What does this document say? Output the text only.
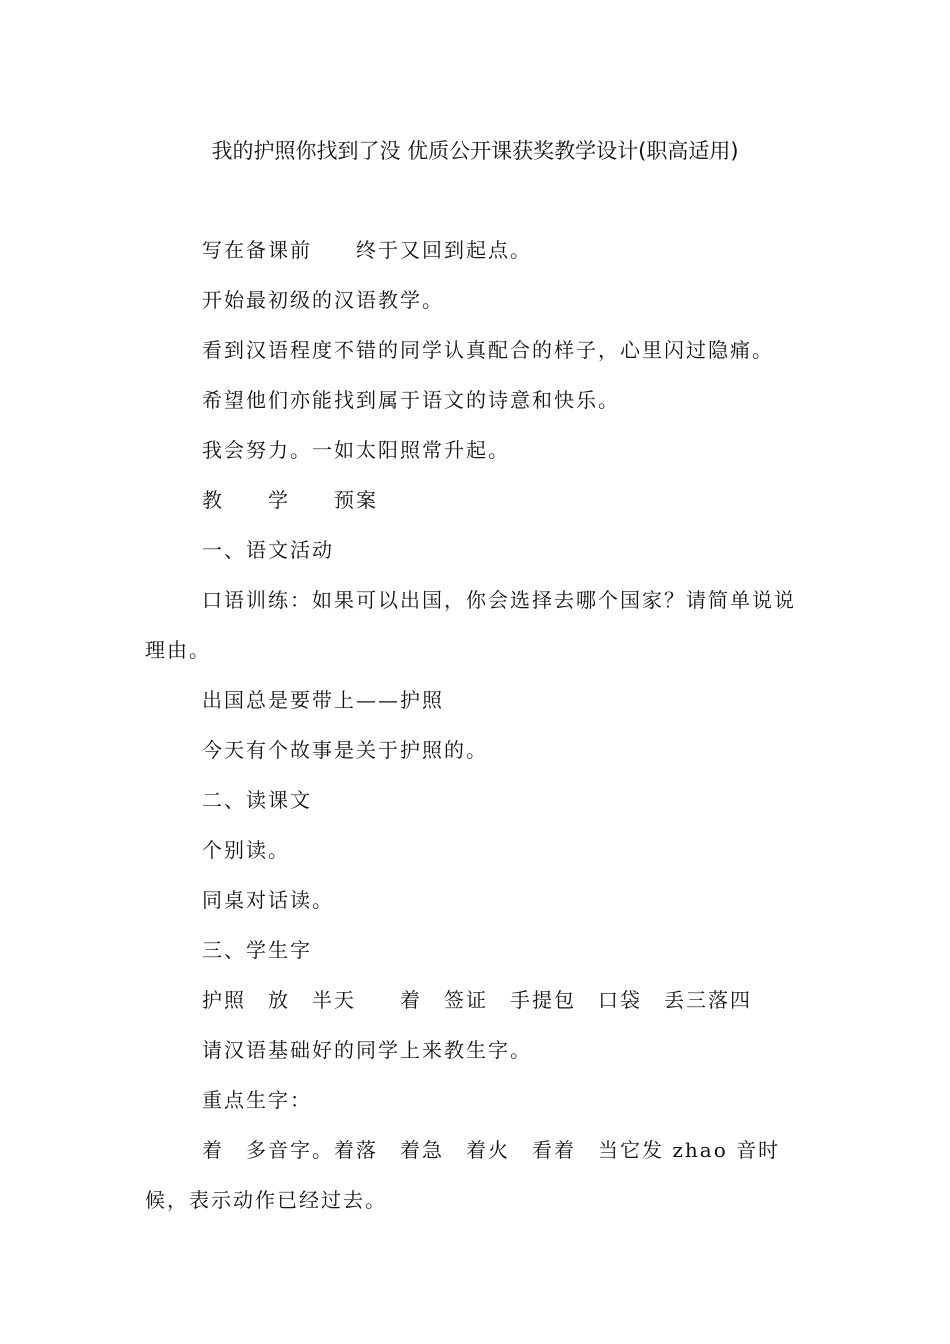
我的护照你找到了没 优质公开课获奖教学设计(职高适用)
写在备课前　　终于又回到起点。
开始最初级的汉语教学。
看到汉语程度不错的同学认真配合的样子，心里闪过隐痛。
希望他们亦能找到属于语文的诗意和快乐。
我会努力。一如太阳照常升起。
教　　学　　预案
一、语文活动
口语训练：如果可以出国，你会选择去哪个国家？请简单说说理由。
出国总是要带上——护照
今天有个故事是关于护照的。
二、读课文
个别读。
同桌对话读。
三、学生字
护照　放　半天　　着　签证　手提包　口袋　丢三落四
请汉语基础好的同学上来教生字。
重点生字：
着　多音字。着落　着急　着火　看着　当它发 zhao 音时候，表示动作已经过去。
